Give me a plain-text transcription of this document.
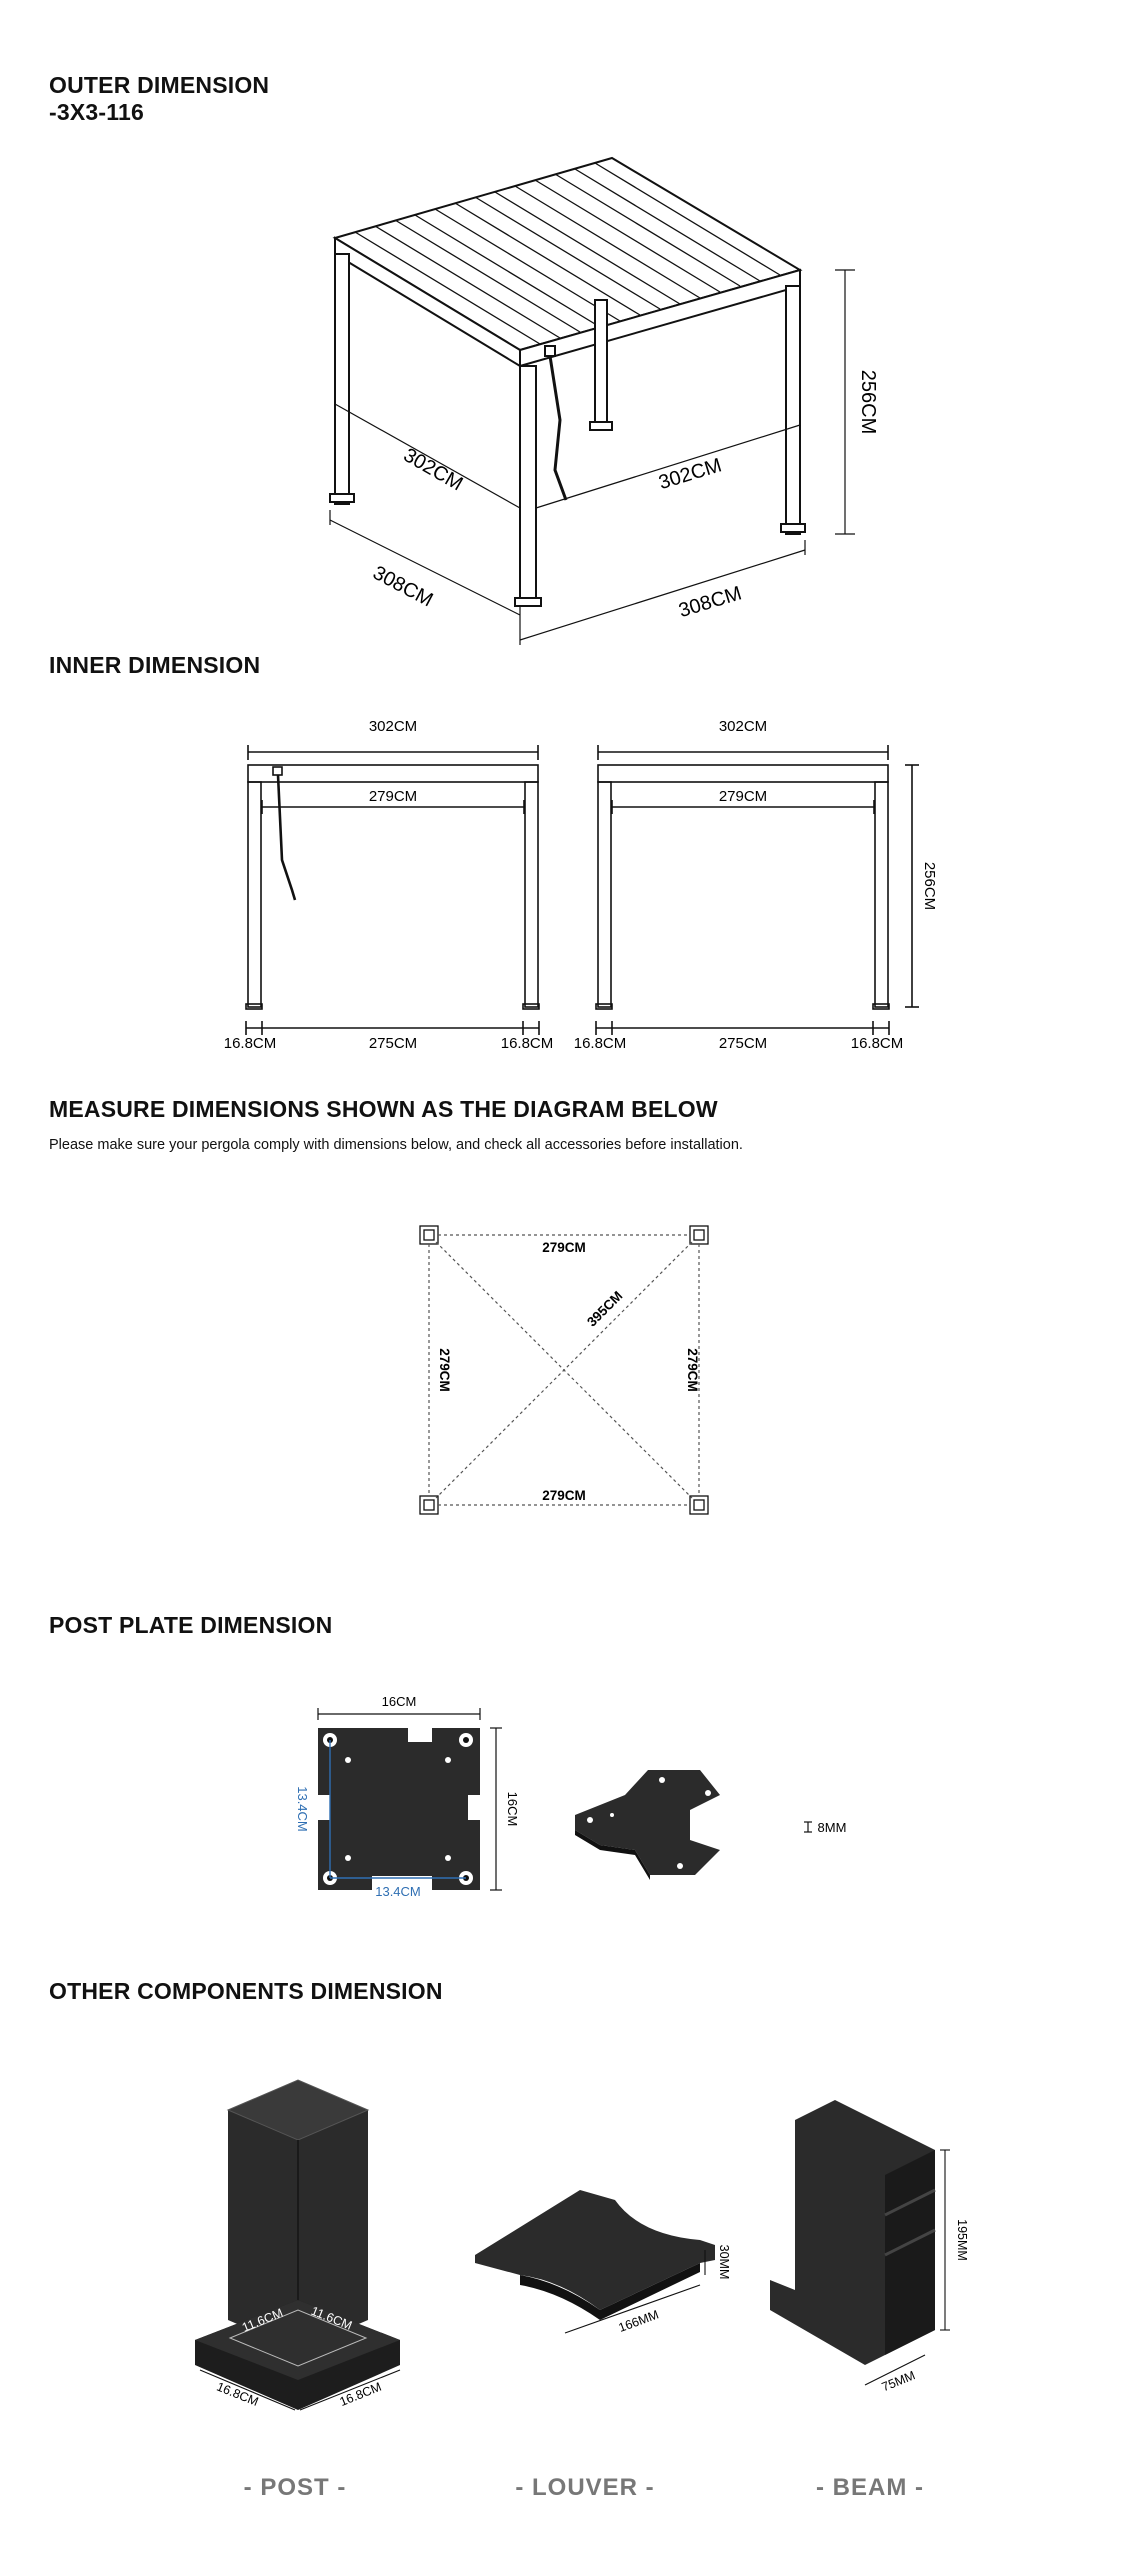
OUTER DIMENSION
-3X3-116
302CM	302CM
308CM	308CM
256CM
INNER DIMENSION
302CM
279CM
16.8CM	275CM	16.8CM
302CM
279CM
16.8CM	275CM	16.8CM
256CM
MEASURE DIMENSIONS SHOWN AS THE DIAGRAM BELOW

Please make sure your pergola comply with dimensions below, and check all accessories before installation.

279CM
279CM
279CM	279CM
395CM
POST PLATE DIMENSION
16CM
16CM
13.4CM
13.4CM
8MM
OTHER COMPONENTS DIMENSION
11.6CM 11.6CM
16.8CM	16.8CM
166MM
30MM
75MM
195MM
- POST -	- LOUVER -	- BEAM -
